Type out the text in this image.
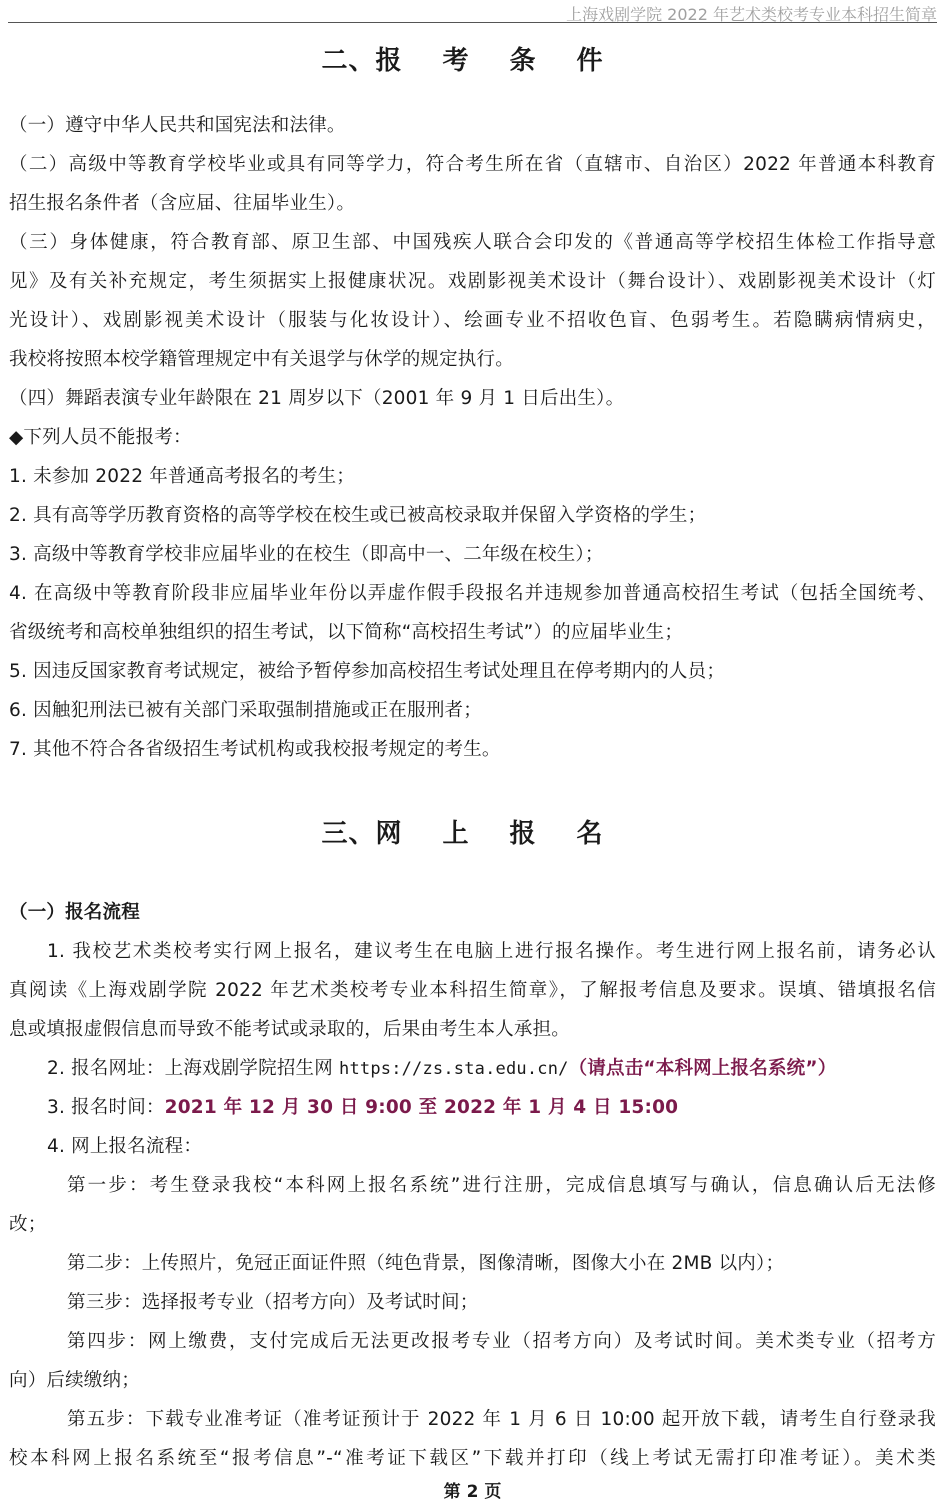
上海戏剧学院 2022 年艺术类校考专业本科招生简章
二、报 考 条 件
（一）遵守中华人民共和国宪法和法律。
（二）高级中等教育学校毕业或具有同等学力，符合考生所在省（直辖市、自治区）2022 年普通本科教育
招生报名条件者（含应届、往届毕业生）。
（三）身体健康，符合教育部、原卫生部、中国残疾人联合会印发的《普通高等学校招生体检工作指导意
见》及有关补充规定，考生须据实上报健康状况。戏剧影视美术设计（舞台设计）、戏剧影视美术设计（灯
光设计）、戏剧影视美术设计（服装与化妆设计）、绘画专业不招收色盲、色弱考生。若隐瞒病情病史，
我校将按照本校学籍管理规定中有关退学与休学的规定执行。
（四）舞蹈表演专业年龄限在 21 周岁以下（2001 年 9 月 1 日后出生）。
◆下列人员不能报考：
1. 未参加 2022 年普通高考报名的考生；
2. 具有高等学历教育资格的高等学校在校生或已被高校录取并保留入学资格的学生；
3. 高级中等教育学校非应届毕业的在校生（即高中一、二年级在校生）；
4. 在高级中等教育阶段非应届毕业年份以弄虚作假手段报名并违规参加普通高校招生考试（包括全国统考、
省级统考和高校单独组织的招生考试，以下简称“高校招生考试”）的应届毕业生；
5. 因违反国家教育考试规定，被给予暂停参加高校招生考试处理且在停考期内的人员；
6. 因触犯刑法已被有关部门采取强制措施或正在服刑者；
7. 其他不符合各省级招生考试机构或我校报考规定的考生。
三、网 上 报 名
（一）报名流程
1. 我校艺术类校考实行网上报名，建议考生在电脑上进行报名操作。考生进行网上报名前，请务必认
真阅读《上海戏剧学院 2022 年艺术类校考专业本科招生简章》，了解报考信息及要求。误填、错填报名信
息或填报虚假信息而导致不能考试或录取的，后果由考生本人承担。
2. 报名网址：上海戏剧学院招生网 https://zs.sta.edu.cn/（请点击“本科网上报名系统”）
3. 报名时间：2021 年 12 月 30 日 9:00 至 2022 年 1 月 4 日 15:00
4. 网上报名流程：
第一步：考生登录我校“本科网上报名系统”进行注册，完成信息填写与确认，信息确认后无法修
改；
第二步：上传照片，免冠正面证件照（纯色背景，图像清晰，图像大小在 2MB 以内）；
第三步：选择报考专业（招考方向）及考试时间；
第四步：网上缴费，支付完成后无法更改报考专业（招考方向）及考试时间。美术类专业（招考方
向）后续缴纳；
第五步：下载专业准考证（准考证预计于 2022 年 1 月 6 日 10:00 起开放下载，请考生自行登录我
校本科网上报名系统至“报考信息”-“准考证下载区”下载并打印（线上考试无需打印准考证）。美术类
第 2 页
